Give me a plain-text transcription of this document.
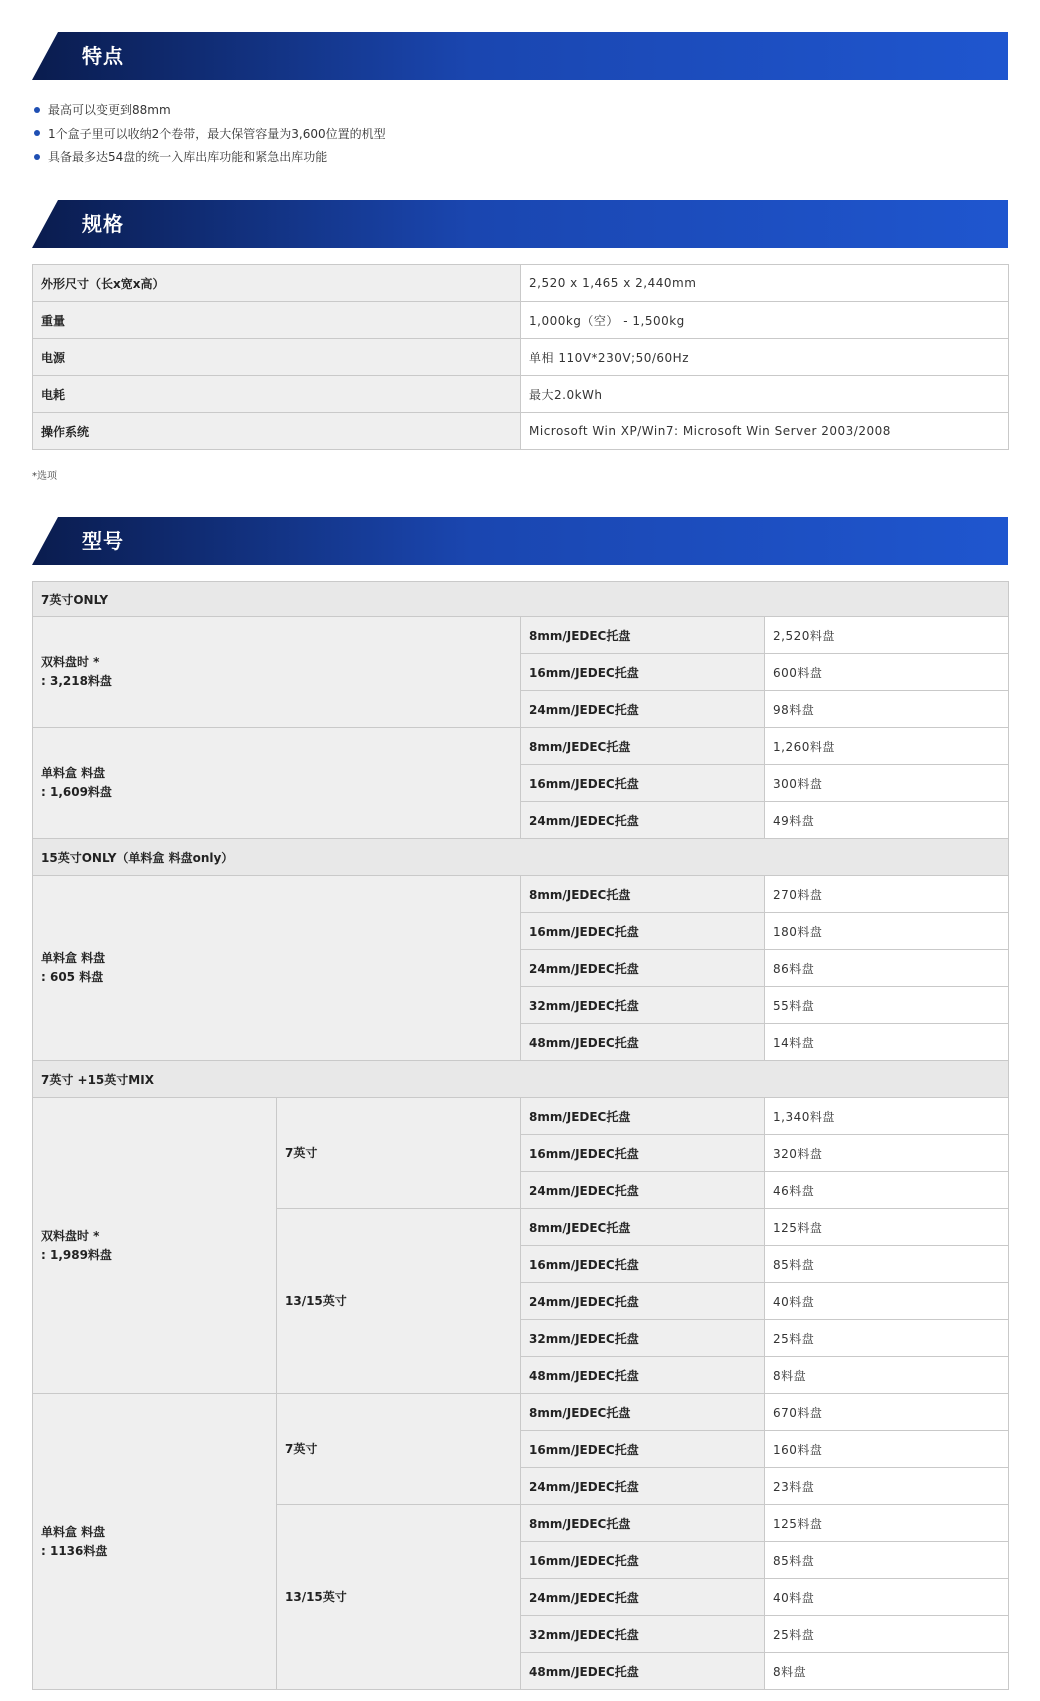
特点
最高可以变更到88mm
1个盒子里可以收纳2个卷带，最大保管容量为3,600位置的机型
具备最多达54盘的统一入库出库功能和紧急出库功能
规格
外形尺寸（长x宽x高）	2,520 x 1,465 x 2,440mm
重量	1,000kg（空） - 1,500kg
电源	单相 110V*230V;50/60Hz
电耗	最大2.0kWh
操作系统	Microsoft Win XP/Win7: Microsoft Win Server 2003/2008
*选项
型号
7英寸ONLY			

双料盘时 *
: 3,218料盘		8mm/JEDEC托盘	2,520料盘
		16mm/JEDEC托盘	600料盘
		24mm/JEDEC托盘	98料盘

单料盒 料盘
: 1,609料盘		8mm/JEDEC托盘	1,260料盘
		16mm/JEDEC托盘	300料盘
		24mm/JEDEC托盘	49料盘
15英寸ONLY（单料盒 料盘only）			

单料盒 料盘
: 605 料盘		8mm/JEDEC托盘	270料盘
		16mm/JEDEC托盘	180料盘
		24mm/JEDEC托盘	86料盘
		32mm/JEDEC托盘	55料盘
		48mm/JEDEC托盘	14料盘
7英寸 +15英寸MIX			

双料盘时 *
: 1,989料盘	7英寸	8mm/JEDEC托盘	1,340料盘
		16mm/JEDEC托盘	320料盘
		24mm/JEDEC托盘	46料盘
	13/15英寸	8mm/JEDEC托盘	125料盘
		16mm/JEDEC托盘	85料盘
		24mm/JEDEC托盘	40料盘
		32mm/JEDEC托盘	25料盘
		48mm/JEDEC托盘	8料盘

单料盒 料盘
: 1136料盘	7英寸	8mm/JEDEC托盘	670料盘
		16mm/JEDEC托盘	160料盘
		24mm/JEDEC托盘	23料盘
	13/15英寸	8mm/JEDEC托盘	125料盘
		16mm/JEDEC托盘	85料盘
		24mm/JEDEC托盘	40料盘
		32mm/JEDEC托盘	25料盘
		48mm/JEDEC托盘	8料盘
